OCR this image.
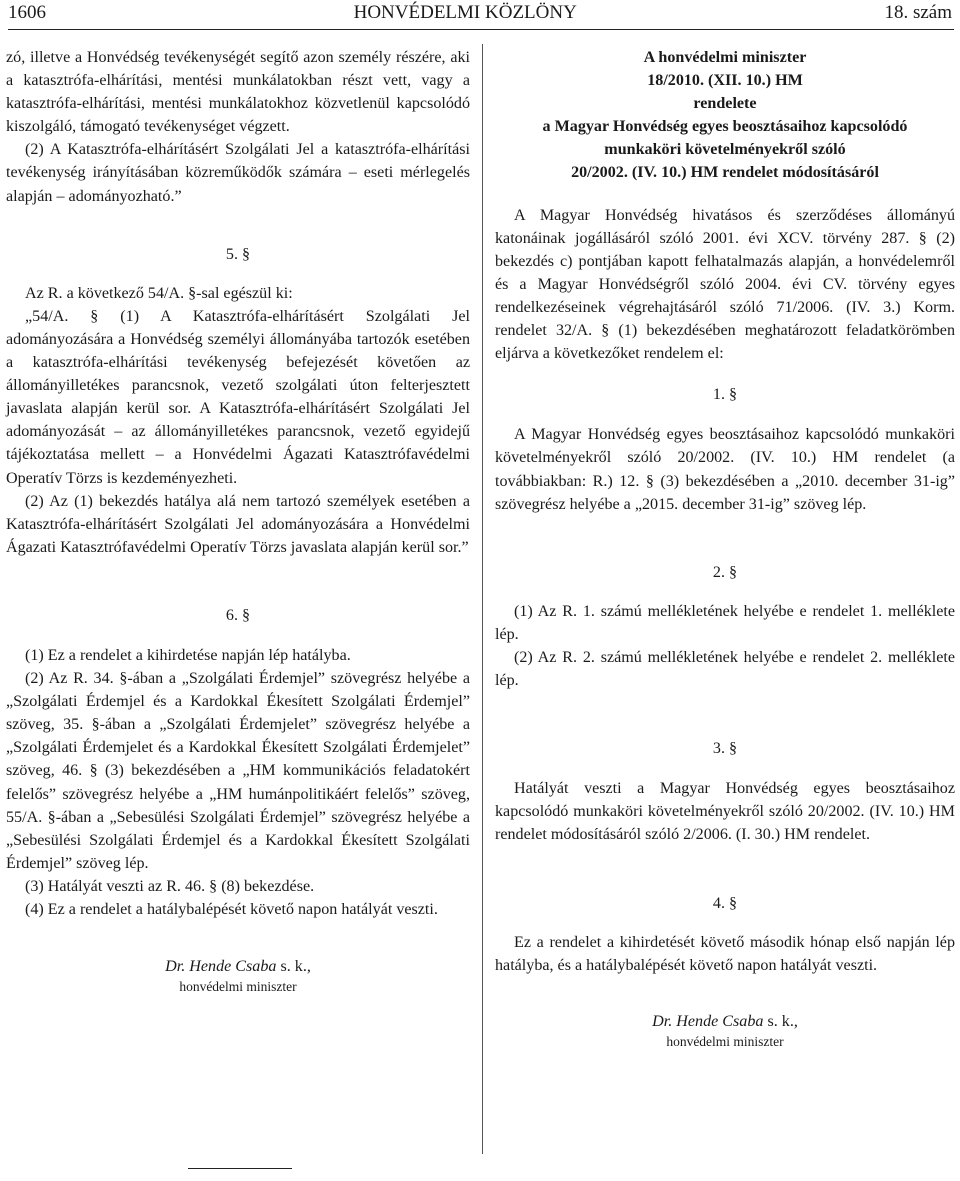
1606	HONVÉDELMI KÖZLÖNY	18. szám

zó, illetve a Honvédség tevékenységét segítő azon személy részére, aki a katasztrófa-elhárítási, mentési munkálatokban részt vett, vagy a katasztrófa-elhárítási, mentési munkálatokhoz közvetlenül kapcsolódó kiszolgáló, támogató tevékenységet végzett.

(2) A Katasztrófa-elhárításért Szolgálati Jel a katasztrófa-elhárítási tevékenység irányításában közreműködők számára – eseti mérlegelés alapján – adományozható.”

5. §

Az R. a következő 54/A. §-sal egészül ki:

„54/A. § (1) A Katasztrófa-elhárításért Szolgálati Jel adományozására a Honvédség személyi állományába tartozók esetében a katasztrófa-elhárítási tevékenység befejezését követően az állományilletékes parancsnok, vezető szolgálati úton felterjesztett javaslata alapján kerül sor. A Katasztrófa-elhárításért Szolgálati Jel adományozását – az állományilletékes parancsnok, vezető egyidejű tájékoztatása mellett – a Honvédelmi Ágazati Katasztrófavédelmi Operatív Törzs is kezdeményezheti.

(2) Az (1) bekezdés hatálya alá nem tartozó személyek esetében a Katasztrófa-elhárításért Szolgálati Jel adományozására a Honvédelmi Ágazati Katasztrófavédelmi Operatív Törzs javaslata alapján kerül sor.”

6. §

(1) Ez a rendelet a kihirdetése napján lép hatályba.

(2) Az R. 34. §-ában a „Szolgálati Érdemjel” szövegrész helyébe a „Szolgálati Érdemjel és a Kardokkal Ékesített Szolgálati Érdemjel” szöveg, 35. §-ában a „Szolgálati Érdemjelet” szövegrész helyébe a „Szolgálati Érdemjelet és a Kardokkal Ékesített Szolgálati Érdemjelet” szöveg, 46. § (3) bekezdésében a „HM kommunikációs feladatokért felelős” szövegrész helyébe a „HM humánpolitikáért felelős” szöveg, 55/A. §-ában a „Sebesülési Szolgálati Érdemjel” szövegrész helyébe a „Sebesülési Szolgálati Érdemjel és a Kardokkal Ékesített Szolgálati Érdemjel” szöveg lép.

(3) Hatályát veszti az R. 46. § (8) bekezdése.

(4) Ez a rendelet a hatálybalépését követő napon hatályát veszti.

Dr. Hende Csaba s. k.,
honvédelmi miniszter

A honvédelmi miniszter

18/2010. (XII. 10.) HM

rendelete

a Magyar Honvédség egyes beosztásaihoz kapcsolódó

munkaköri követelményekről szóló

20/2002. (IV. 10.) HM rendelet módosításáról

A Magyar Honvédség hivatásos és szerződéses állományú katonáinak jogállásáról szóló 2001. évi XCV. törvény 287. § (2) bekezdés c) pontjában kapott felhatalmazás alapján, a honvédelemről és a Magyar Honvédségről szóló 2004. évi CV. törvény egyes rendelkezéseinek végrehajtásáról szóló 71/2006. (IV. 3.) Korm. rendelet 32/A. § (1) bekezdésében meghatározott feladatkörömben eljárva a következőket rendelem el:

1. §

A Magyar Honvédség egyes beosztásaihoz kapcsolódó munkaköri követelményekről szóló 20/2002. (IV. 10.) HM rendelet (a továbbiakban: R.) 12. § (3) bekezdésében a „2010. december 31-ig” szövegrész helyébe a „2015. december 31-ig” szöveg lép.

2. §

(1) Az R. 1. számú mellékletének helyébe e rendelet 1. melléklete lép.

(2) Az R. 2. számú mellékletének helyébe e rendelet 2. melléklete lép.

3. §

Hatályát veszti a Magyar Honvédség egyes beosztásaihoz kapcsolódó munkaköri követelményekről szóló 20/2002. (IV. 10.) HM rendelet módosításáról szóló 2/2006. (I. 30.) HM rendelet.

4. §

Ez a rendelet a kihirdetését követő második hónap első napján lép hatályba, és a hatálybalépését követő napon hatályát veszti.

Dr. Hende Csaba s. k.,
honvédelmi miniszter
